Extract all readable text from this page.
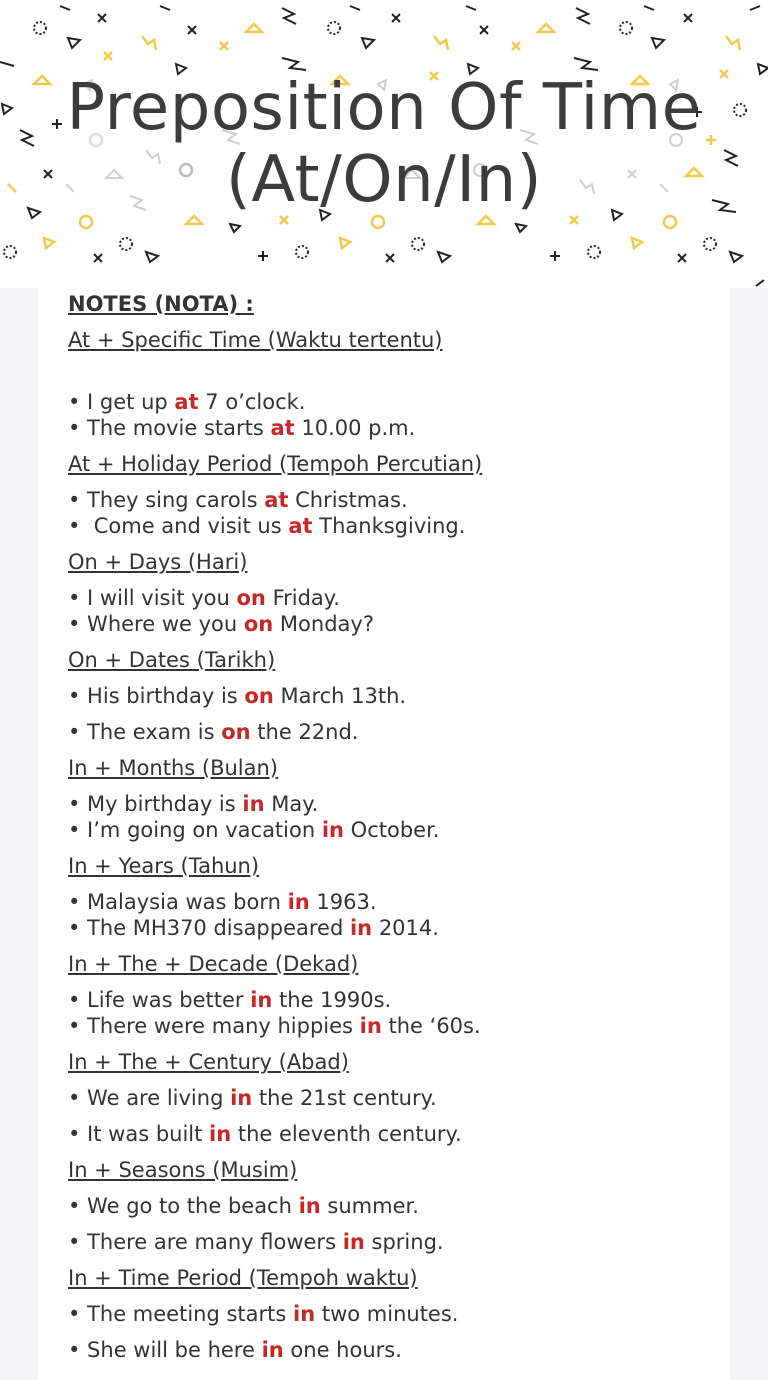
Preposition Of Time
(At/On/In)
NOTES (NOTA) :
At + Specific Time (Waktu tertentu)
• I get up at 7 o’clock.
• The movie starts at 10.00 p.m.
At + Holiday Period (Tempoh Percutian)
• They sing carols at Christmas.
•  Come and visit us at Thanksgiving.
On + Days (Hari)
• I will visit you on Friday.
• Where we you on Monday?
On + Dates (Tarikh)
• His birthday is on March 13th.
• The exam is on the 22nd.
In + Months (Bulan)
• My birthday is in May.
• I’m going on vacation in October.
In + Years (Tahun)
• Malaysia was born in 1963.
• The MH370 disappeared in 2014.
In + The + Decade (Dekad)
• Life was better in the 1990s.
• There were many hippies in the ‘60s.
In + The + Century (Abad)
• We are living in the 21st century.
• It was built in the eleventh century.
In + Seasons (Musim)
• We go to the beach in summer.
• There are many flowers in spring.
In + Time Period (Tempoh waktu)
• The meeting starts in two minutes.
• She will be here in one hours.
